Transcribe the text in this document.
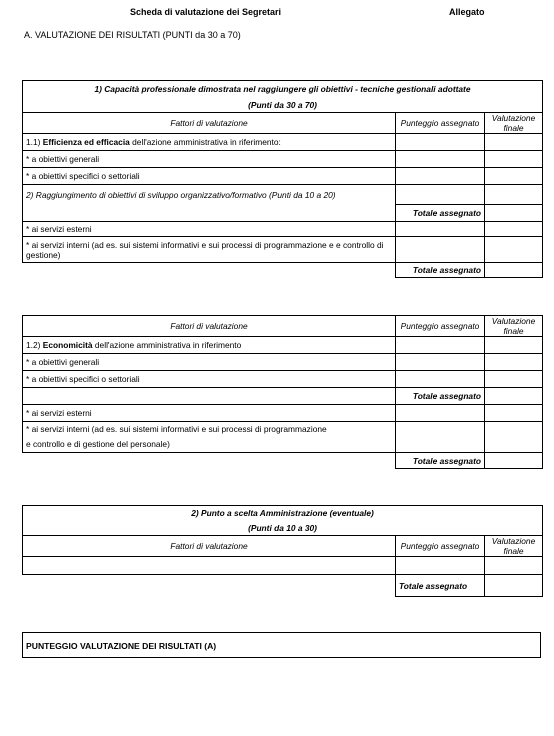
Scheda di valutazione dei Segretari	Allegato
A. VALUTAZIONE DEI RISULTATI (PUNTI da 30 a 70)
1) Capacità professionale dimostrata nel raggiungere gli obiettivi - tecniche gestionali adottate		
(Punti da 30 a 70)		
Fattori di valutazione	Punteggio assegnato	Valutazione finale
1.1) Efficienza ed efficacia dell'azione amministrativa in riferimento:		
* a obiettivi generali		
* a obiettivi specifici o settoriali		
2) Raggiungimento di obiettivi di sviluppo organizzativo/formativo (Punti da 10 a 20)		
	Totale assegnato	
* ai servizi esterni		
* ai servizi interni (ad es. sui sistemi informativi e sui processi di programmazione e e controllo di gestione)		
	Totale assegnato	
Fattori di valutazione	Punteggio assegnato	Valutazione finale
1.2) Economicità dell'azione amministrativa in riferimento		
* a obiettivi generali		
* a obiettivi specifici o settoriali		
	Totale assegnato	
* ai servizi esterni		
* ai servizi interni (ad es. sui sistemi informativi e sui processi di programmazione		
e controllo e di gestione del personale)		
	Totale assegnato	
2) Punto a scelta Amministrazione (eventuale)		
(Punti da 10 a 30)		
Fattori di valutazione	Punteggio assegnato	Valutazione finale

	Totale assegnato	
PUNTEGGIO VALUTAZIONE DEI RISULTATI (A)
